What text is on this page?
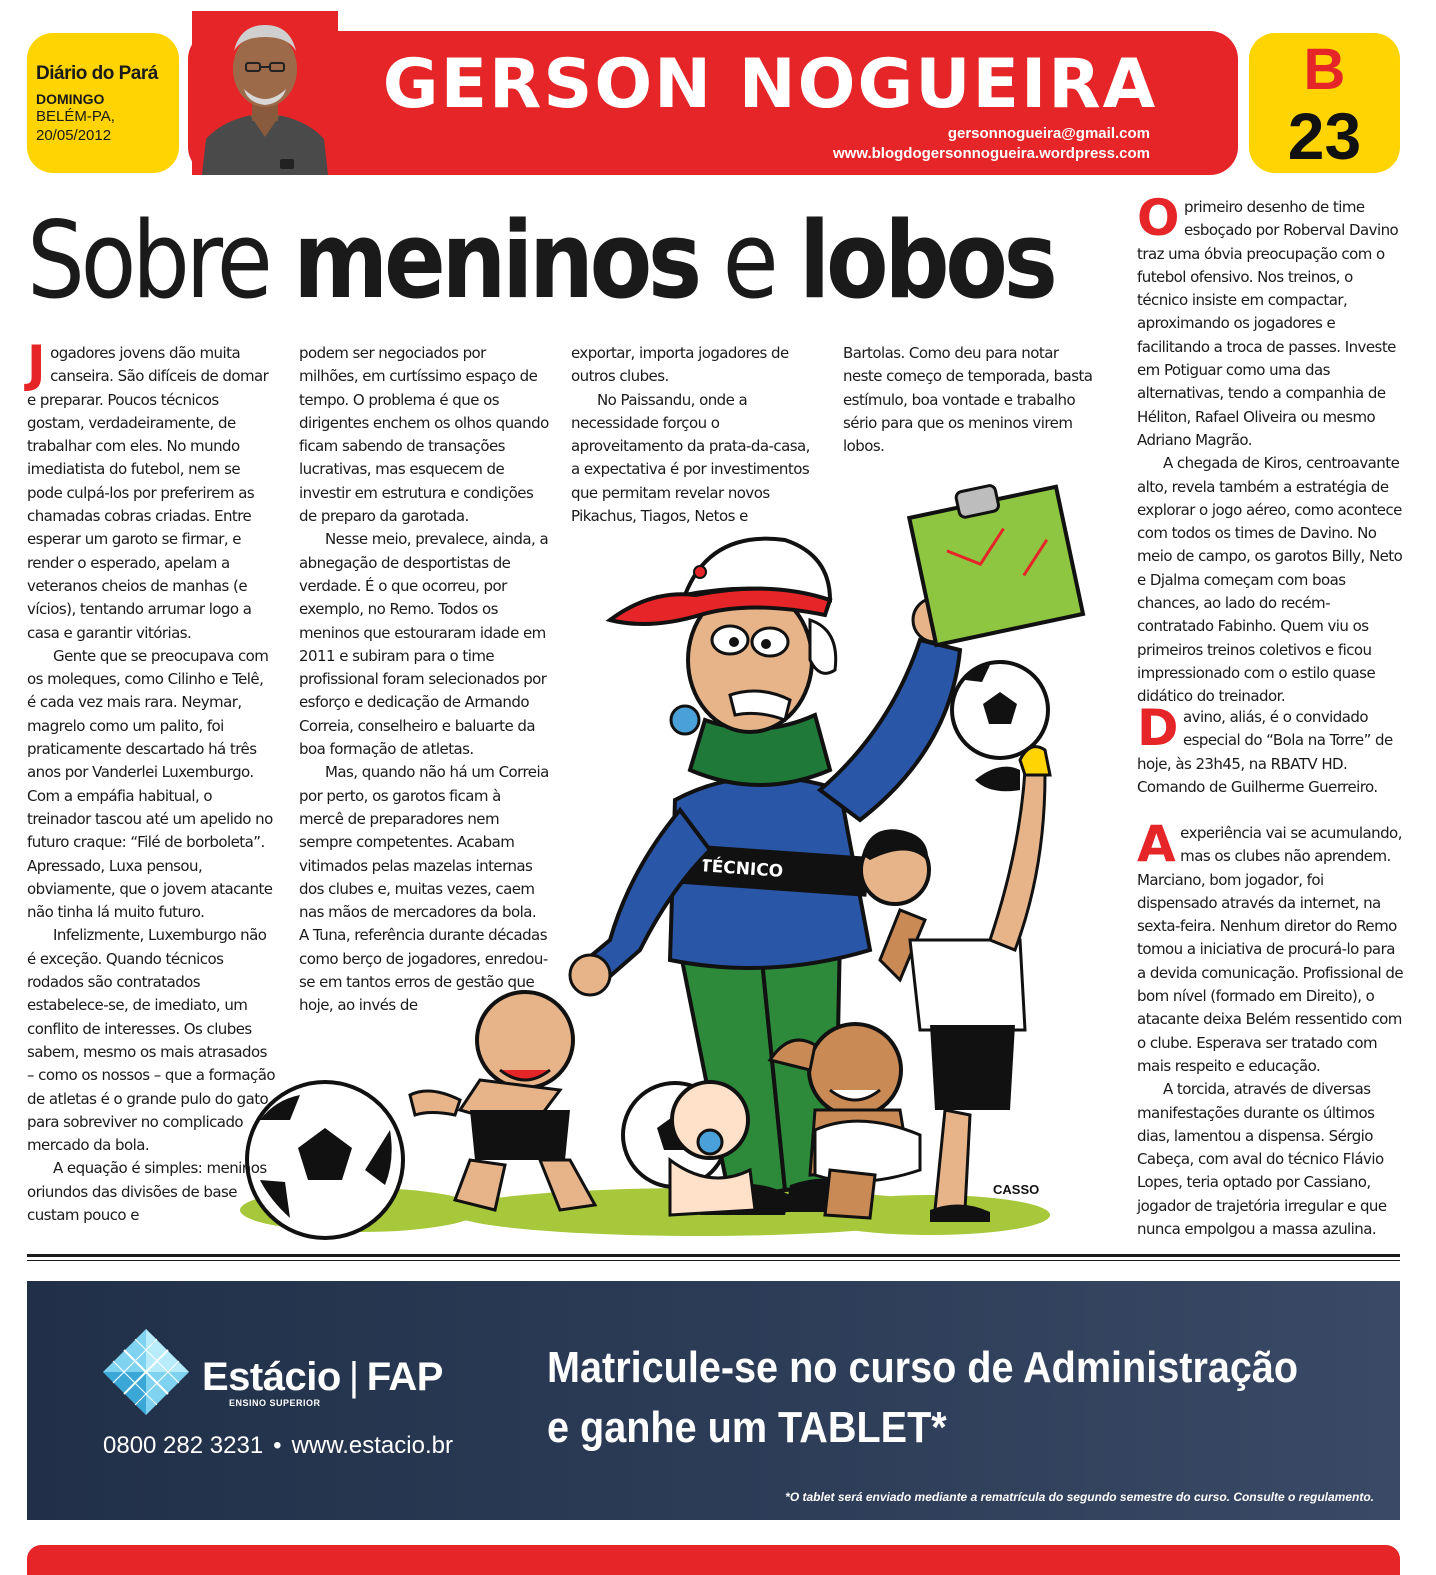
Diário do Pará
DOMINGO
BELÉM-PA,
20/05/2012
GERSON NOGUEIRA
gersonnogueira@gmail.com
www.blogdogersonnogueira.wordpress.com
B
23
Sobre meninos e lobos
TÉCNICO
CASSO

Jogadores jovens dão muita canseira. São difíceis de domar e preparar. Poucos técnicos gostam, verdadeiramente, de trabalhar com eles. No mundo imediatista do futebol, nem se pode culpá-los por preferirem as chamadas cobras criadas. Entre esperar um garoto se firmar, e render o esperado, apelam a veteranos cheios de manhas (e vícios), tentando arrumar logo a casa e garantir vitórias.

Gente que se preocupava com os moleques, como Cilinho e Telê, é cada vez mais rara. Neymar, magrelo como um palito, foi praticamente descartado há três anos por Vanderlei Luxemburgo. Com a empáfia habitual, o treinador tascou até um apelido no futuro craque: “Filé de borboleta”. Apressado, Luxa pensou, obviamente, que o jovem atacante não tinha lá muito futuro.

Infelizmente, Luxemburgo não é exceção. Quando técnicos rodados são contratados estabelece-se, de imediato, um conflito de interesses. Os clubes sabem, mesmo os mais atrasados – como os nossos – que a formação de atletas é o grande pulo do gato para sobreviver no complicado mercado da bola.

A equação é simples: meninos oriundos das divisões de base custam pouco e

podem ser negociados por milhões, em curtíssimo espaço de tempo. O problema é que os dirigentes enchem os olhos quando ficam sabendo de transações lucrativas, mas esquecem de investir em estrutura e condições de preparo da garotada.

Nesse meio, prevalece, ainda, a abnegação de desportistas de verdade. É o que ocorreu, por exemplo, no Remo. Todos os meninos que estouraram idade em 2011 e subiram para o time profissional foram selecionados por esforço e dedicação de Armando Correia, conselheiro e baluarte da boa formação de atletas.

Mas, quando não há um Correia por perto, os garotos ficam à mercê de preparadores nem sempre competentes. Acabam vitimados pelas mazelas internas dos clubes e, muitas vezes, caem nas mãos de mercadores da bola. A Tuna, referência durante décadas como berço de jogadores, enredou-se em tantos erros de gestão que hoje, ao invés de

exportar, importa jogadores de outros clubes.

No Paissandu, onde a necessidade forçou o aproveitamento da prata-da-casa, a expectativa é por investimentos que permitam revelar novos Pikachus, Tiagos, Netos e

Bartolas. Como deu para notar neste começo de temporada, basta estímulo, boa vontade e trabalho sério para que os meninos virem lobos.

Oprimeiro desenho de time esboçado por Roberval Davino traz uma óbvia preocupação com o futebol ofensivo. Nos treinos, o técnico insiste em compactar, aproximando os jogadores e facilitando a troca de passes. Investe em Potiguar como uma das alternativas, tendo a companhia de Héliton, Rafael Oliveira ou mesmo Adriano Magrão.

A chegada de Kiros, centroavante alto, revela também a estratégia de explorar o jogo aéreo, como acontece com todos os times de Davino. No meio de campo, os garotos Billy, Neto e Djalma começam com boas chances, ao lado do recém-contratado Fabinho. Quem viu os primeiros treinos coletivos e ficou impressionado com o estilo quase didático do treinador.

Davino, aliás, é o convidado especial do “Bola na Torre” de hoje, às 23h45, na RBATV HD. Comando de Guilherme Guerreiro.

Aexperiência vai se acumulando, mas os clubes não aprendem. Marciano, bom jogador, foi dispensado através da internet, na sexta-feira. Nenhum diretor do Remo tomou a iniciativa de procurá-lo para a devida comunicação. Profissional de bom nível (formado em Direito), o atacante deixa Belém ressentido com o clube. Esperava ser tratado com mais respeito e educação.

A torcida, através de diversas manifestações durante os últimos dias, lamentou a dispensa. Sérgio Cabeça, com aval do técnico Flávio Lopes, teria optado por Cassiano, jogador de trajetória irregular e que nunca empolgou a massa azulina.

Estácio | FAP
ENSINO SUPERIOR
0800 282 3231 • www.estacio.br
Matricule-se no curso de Administração
e ganhe um TABLET*
*O tablet será enviado mediante a rematrícula do segundo semestre do curso. Consulte o regulamento.
